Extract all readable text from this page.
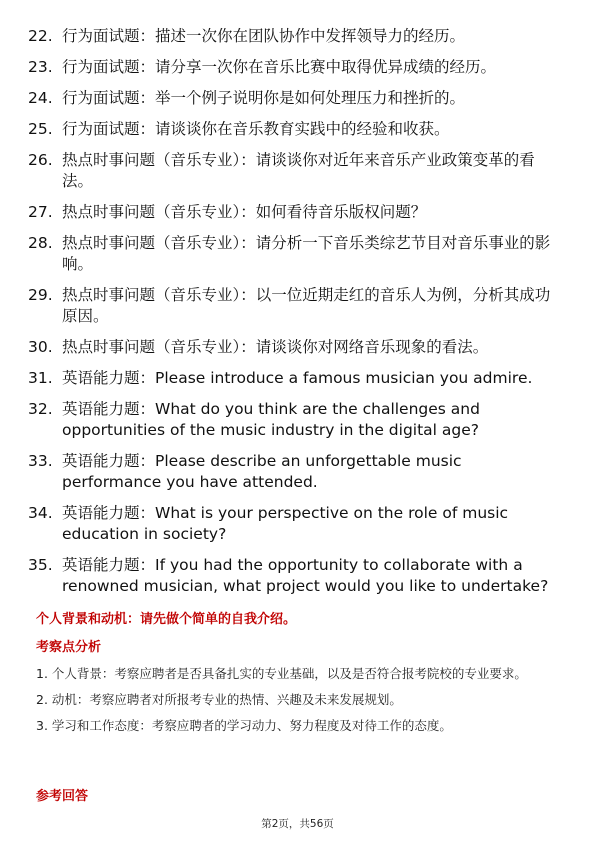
22. 行为面试题：描述一次你在团队协作中发挥领导力的经历。
23. 行为面试题：请分享一次你在音乐比赛中取得优异成绩的经历。
24. 行为面试题：举一个例子说明你是如何处理压力和挫折的。
25. 行为面试题：请谈谈你在音乐教育实践中的经验和收获。
26. 热点时事问题（音乐专业）：请谈谈你对近年来音乐产业政策变革的看法。
27. 热点时事问题（音乐专业）：如何看待音乐版权问题？
28. 热点时事问题（音乐专业）：请分析一下音乐类综艺节目对音乐事业的影响。
29. 热点时事问题（音乐专业）：以一位近期走红的音乐人为例，分析其成功原因。
30. 热点时事问题（音乐专业）：请谈谈你对网络音乐现象的看法。
31. 英语能力题：Please introduce a famous musician you admire.
32. 英语能力题：What do you think are the challenges and opportunities of the music industry in the digital age?
33. 英语能力题：Please describe an unforgettable music performance you have attended.
34. 英语能力题：What is your perspective on the role of music education in society?
35. 英语能力题：If you had the opportunity to collaborate with a renowned musician, what project would you like to undertake?

个人背景和动机：请先做个简单的自我介绍。

考察点分析

1. 个人背景：考察应聘者是否具备扎实的专业基础，以及是否符合报考院校的专业要求。
2. 动机：考察应聘者对所报考专业的热情、兴趣及未来发展规划。
3. 学习和工作态度：考察应聘者的学习动力、努力程度及对待工作的态度。

参考回答

第2页，共56页
